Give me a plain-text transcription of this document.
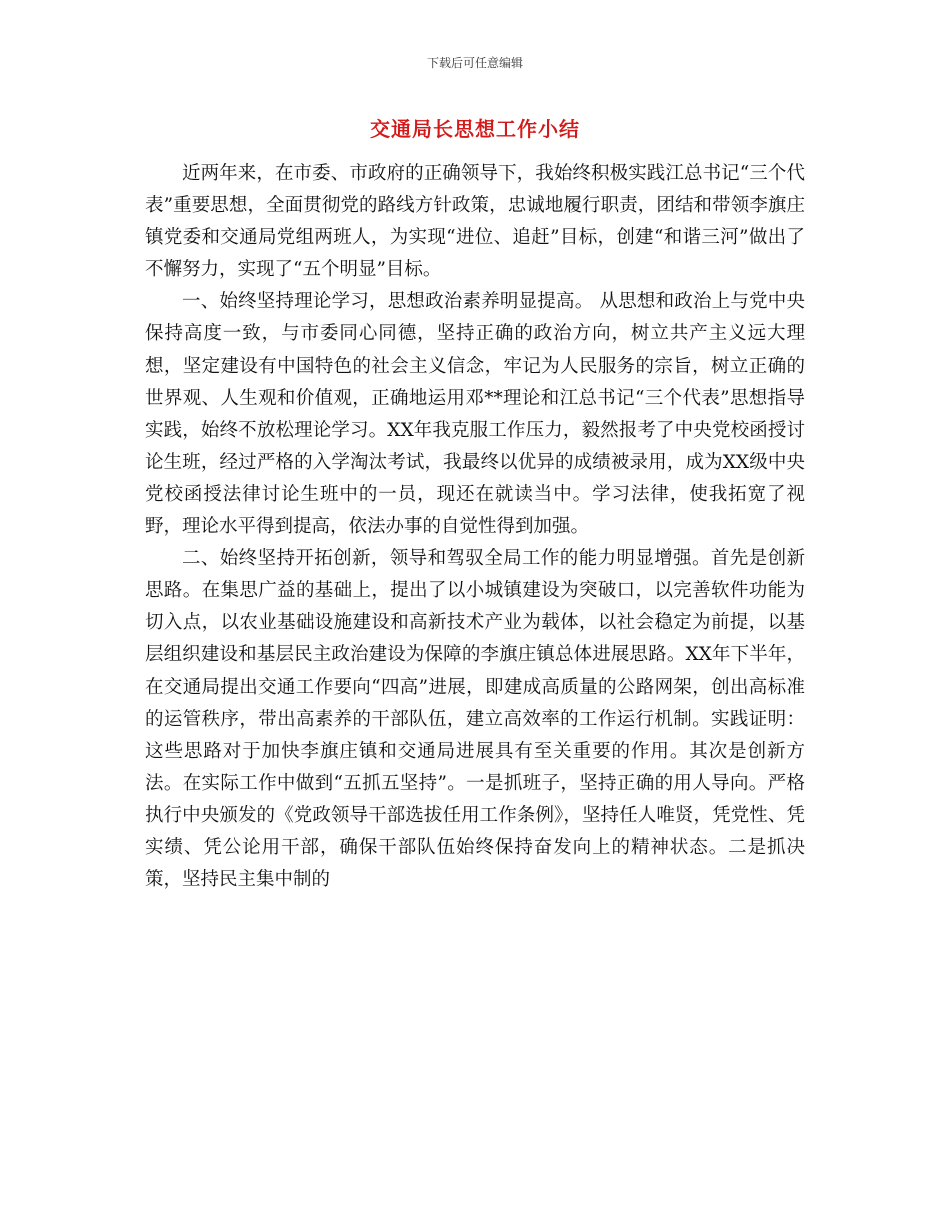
下载后可任意编辑
交通局长思想工作小结

近两年来，在市委、市政府的正确领导下，我始终积极实践江总书记“三个代表”重要思想，全面贯彻党的路线方针政策，忠诚地履行职责，团结和带领李旗庄镇党委和交通局党组两班人，为实现“进位、追赶”目标，创建“和谐三河”做出了不懈努力，实现了“五个明显”目标。

一、始终坚持理论学习，思想政治素养明显提高。 从思想和政治上与党中央保持高度一致，与市委同心同德，坚持正确的政治方向，树立共产主义远大理想，坚定建设有中国特色的社会主义信念，牢记为人民服务的宗旨，树立正确的世界观、人生观和价值观，正确地运用邓**理论和江总书记“三个代表”思想指导实践，始终不放松理论学习。XX年我克服工作压力，毅然报考了中央党校函授讨论生班，经过严格的入学淘汰考试，我最终以优异的成绩被录用，成为XX级中央党校函授法律讨论生班中的一员，现还在就读当中。学习法律，使我拓宽了视野，理论水平得到提高，依法办事的自觉性得到加强。

二、始终坚持开拓创新，领导和驾驭全局工作的能力明显增强。首先是创新思路。在集思广益的基础上，提出了以小城镇建设为突破口，以完善软件功能为切入点，以农业基础设施建设和高新技术产业为载体，以社会稳定为前提，以基层组织建设和基层民主政治建设为保障的李旗庄镇总体进展思路。XX年下半年，在交通局提出交通工作要向“四高”进展，即建成高质量的公路网架，创出高标准的运管秩序，带出高素养的干部队伍，建立高效率的工作运行机制。实践证明：这些思路对于加快李旗庄镇和交通局进展具有至关重要的作用。其次是创新方法。在实际工作中做到“五抓五坚持”。一是抓班子，坚持正确的用人导向。严格执行中央颁发的《党政领导干部选拔任用工作条例》，坚持任人唯贤，凭党性、凭实绩、凭公论用干部，确保干部队伍始终保持奋发向上的精神状态。二是抓决策，坚持民主集中制的
